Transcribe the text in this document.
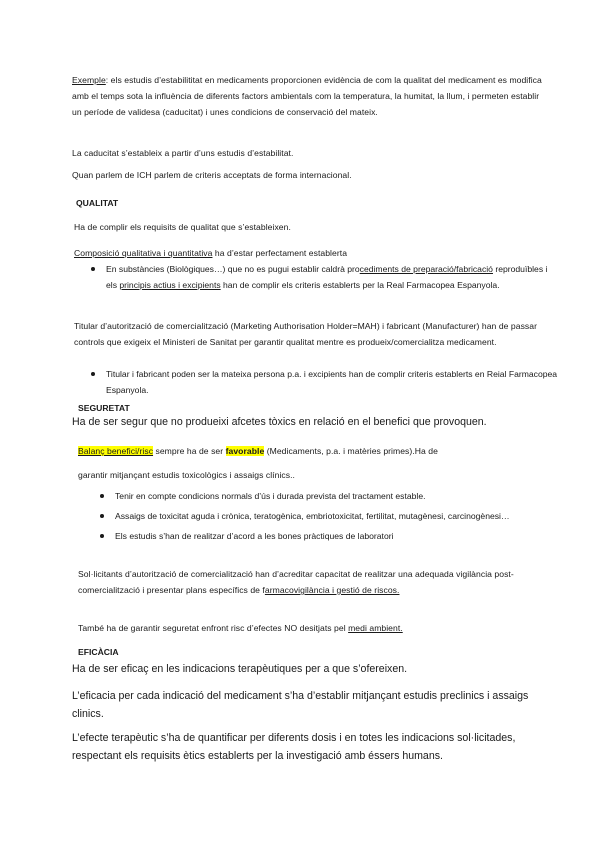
Exemple: els estudis d’estabilititat en medicaments proporcionen evidència de com la qualitat del medicament es modifica amb el temps sota la influència de diferents factors ambientals com la temperatura, la humitat, la llum, i permeten establir un període de validesa (caducitat) i unes condicions de conservació del mateix.

La caducitat s’estableix a partir d’uns estudis d’estabilitat.

Quan parlem de ICH parlem de criteris acceptats de forma internacional.

QUALITAT

Ha de complir els requisits de qualitat que s’estableixen.

Composició qualitativa i quantitativa ha d’estar perfectament establerta

En substàncies (Biològiques…) que no es pugui establir caldrà procediments de preparació/fabricació reproduïbles i els principis actius i excipients han de complir els criteris establerts per la Real Farmacopea Espanyola.

Titular d’autorització de comercialització (Marketing Authorisation Holder=MAH) i fabricant (Manufacturer) han de passar controls que exigeix el Ministeri de Sanitat per garantir qualitat mentre es produeix/comercialitza medicament.

Titular i fabricant poden ser la mateixa persona p.a. i excipients han de complir criteris establerts en Reial Farmacopea Espanyola.

SEGURETAT

Ha de ser segur que no produeixi afcetes tòxics en relació en el benefici que provoquen.

Balanç benefici/risc sempre ha de ser favorable (Medicaments, p.a. i matèries primes).Ha de

garantir mitjançant estudis toxicològics i assaigs clínics..

Tenir en compte condicions normals d’ús i durada prevista del tractament estable.
Assaigs de toxicitat aguda i crònica, teratogènica, embriotoxicitat, fertilitat, mutagènesi, carcinogènesi…
Els estudis s’han de realitzar d’acord a les bones pràctiques de laboratori

Sol·licitants d’autorització de comercialització han d’acreditar capacitat de realitzar una adequada vigilància post-comercialització i presentar plans específics de farmacovigilància i gestió de riscos.

També ha de garantir seguretat enfront risc d’efectes NO desitjats pel medi ambient.

EFICÀCIA

Ha de ser eficaç en les indicacions terapèutiques per a que s’ofereixen.

L’eficacia per cada indicació del medicament s’ha d’establir mitjançant estudis preclinics i assaigs clinics.

L’efecte terapèutic s’ha de quantificar per diferents dosis i en totes les indicacions sol·licitades, respectant els requisits ètics establerts per la investigació amb éssers humans.
